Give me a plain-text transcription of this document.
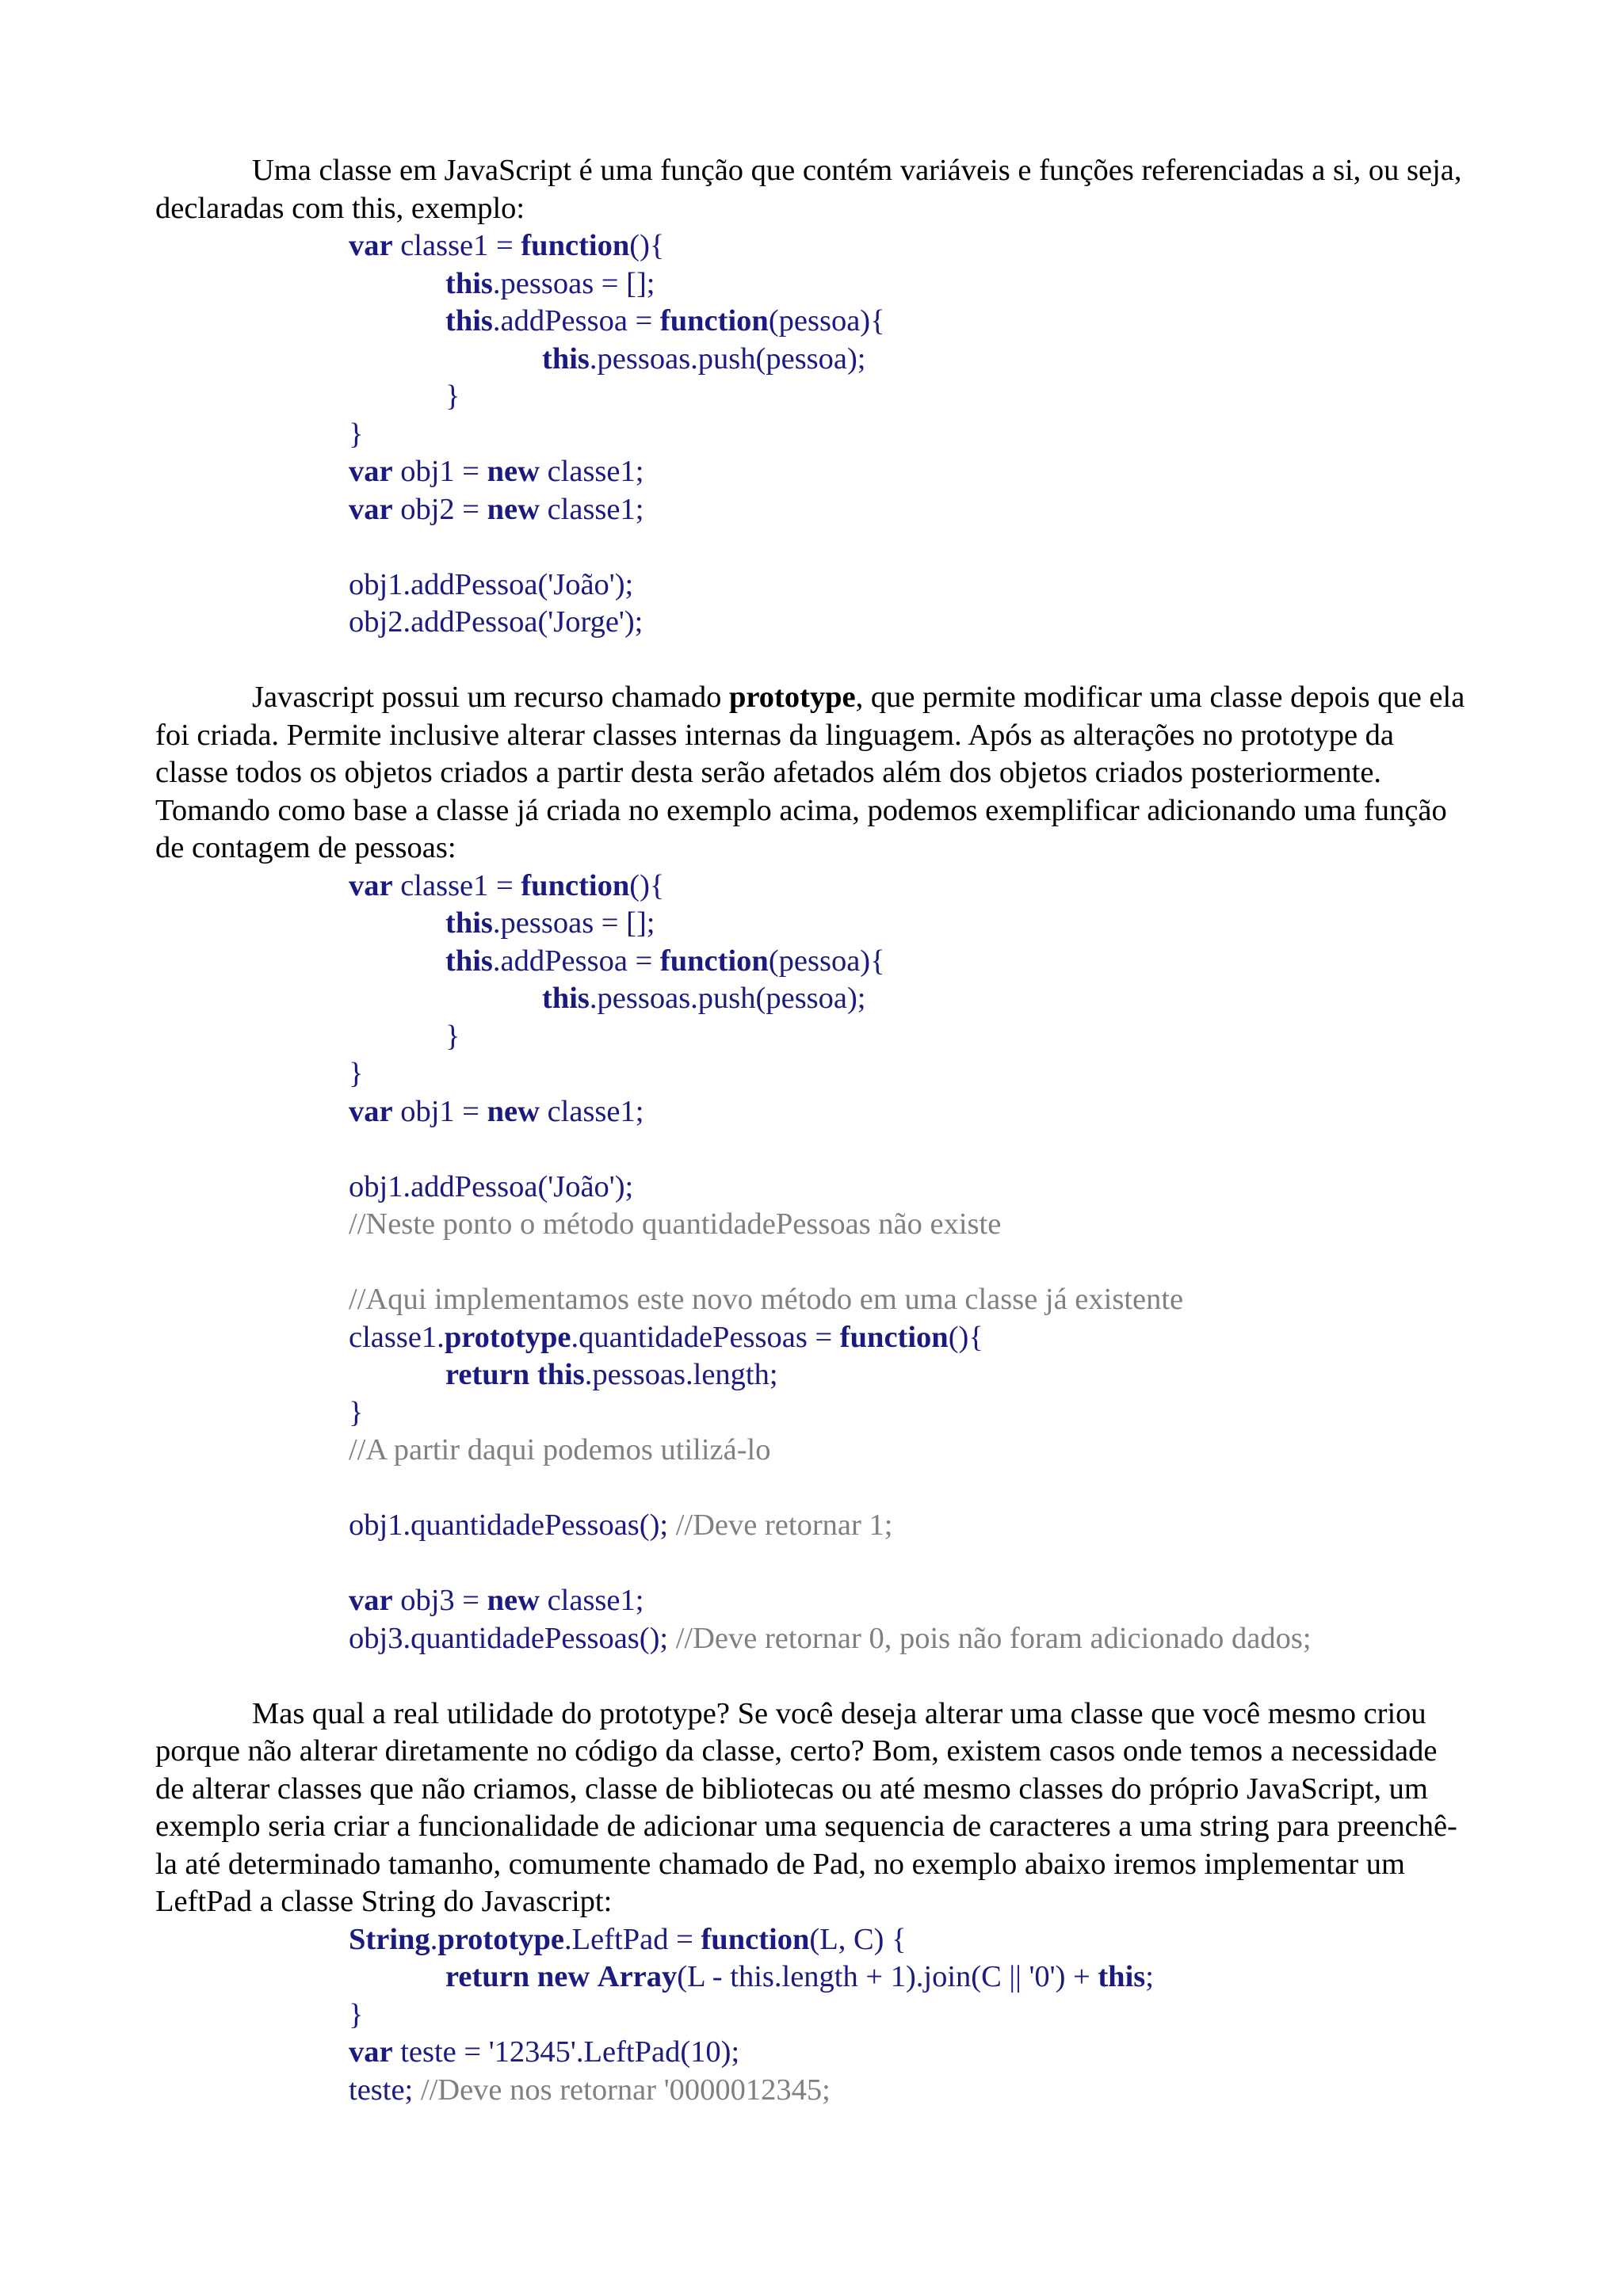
Uma classe em JavaScript é uma função que contém variáveis e funções referenciadas a si, ou seja, declaradas com this, exemplo:

var classe1 = function(){
this.pessoas = [];
this.addPessoa = function(pessoa){
this.pessoas.push(pessoa);
}
}
var obj1 = new classe1;
var obj2 = new classe1;
obj1.addPessoa('João');
obj2.addPessoa('Jorge');

Javascript possui um recurso chamado prototype, que permite modificar uma classe depois que ela foi criada. Permite inclusive alterar classes internas da linguagem. Após as alterações no prototype da classe todos os objetos criados a partir desta serão afetados além dos objetos criados posteriormente. Tomando como base a classe já criada no exemplo acima, podemos exemplificar adicionando uma função de contagem de pessoas:

var classe1 = function(){
this.pessoas = [];
this.addPessoa = function(pessoa){
this.pessoas.push(pessoa);
}
}
var obj1 = new classe1;
obj1.addPessoa('João');
//Neste ponto o método quantidadePessoas não existe
//Aqui implementamos este novo método em uma classe já existente
classe1.prototype.quantidadePessoas = function(){
return this.pessoas.length;
}
//A partir daqui podemos utilizá-lo
obj1.quantidadePessoas(); //Deve retornar 1;
var obj3 = new classe1;
obj3.quantidadePessoas(); //Deve retornar 0, pois não foram adicionado dados;

Mas qual a real utilidade do prototype? Se você deseja alterar uma classe que você mesmo criou porque não alterar diretamente no código da classe, certo? Bom, existem casos onde temos a necessidade de alterar classes que não criamos, classe de bibliotecas ou até mesmo classes do próprio JavaScript, um exemplo seria criar a funcionalidade de adicionar uma sequencia de caracteres a uma string para preenchê-la até determinado tamanho, comumente chamado de Pad, no exemplo abaixo iremos implementar um LeftPad a classe String do Javascript:

String.prototype.LeftPad = function(L, C) {
return new Array(L - this.length + 1).join(C || '0') + this;
}
var teste = '12345'.LeftPad(10);
teste; //Deve nos retornar '0000012345;
